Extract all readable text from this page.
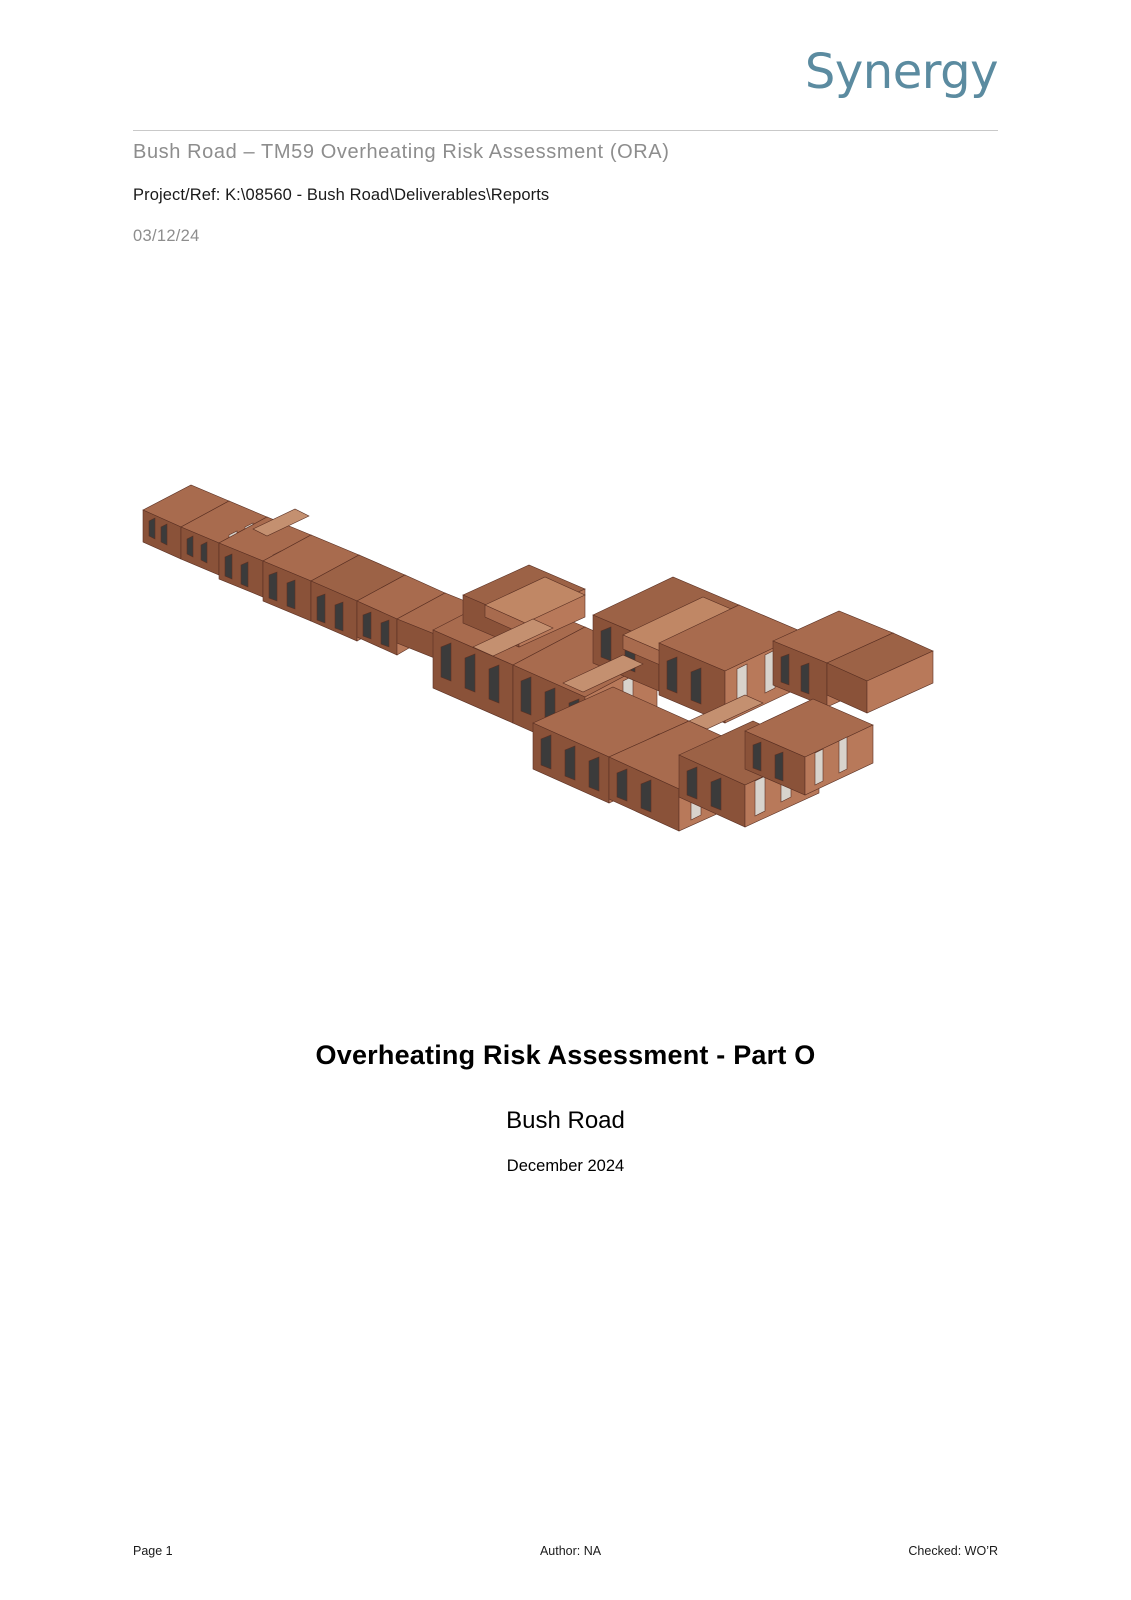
Synergy
Bush Road – TM59 Overheating Risk Assessment (ORA)
Project/Ref: K:\08560 - Bush Road\Deliverables\Reports
03/12/24
Overheating Risk Assessment - Part O
Bush Road
December 2024
Page 1	Author: NA	Checked: WO’R
